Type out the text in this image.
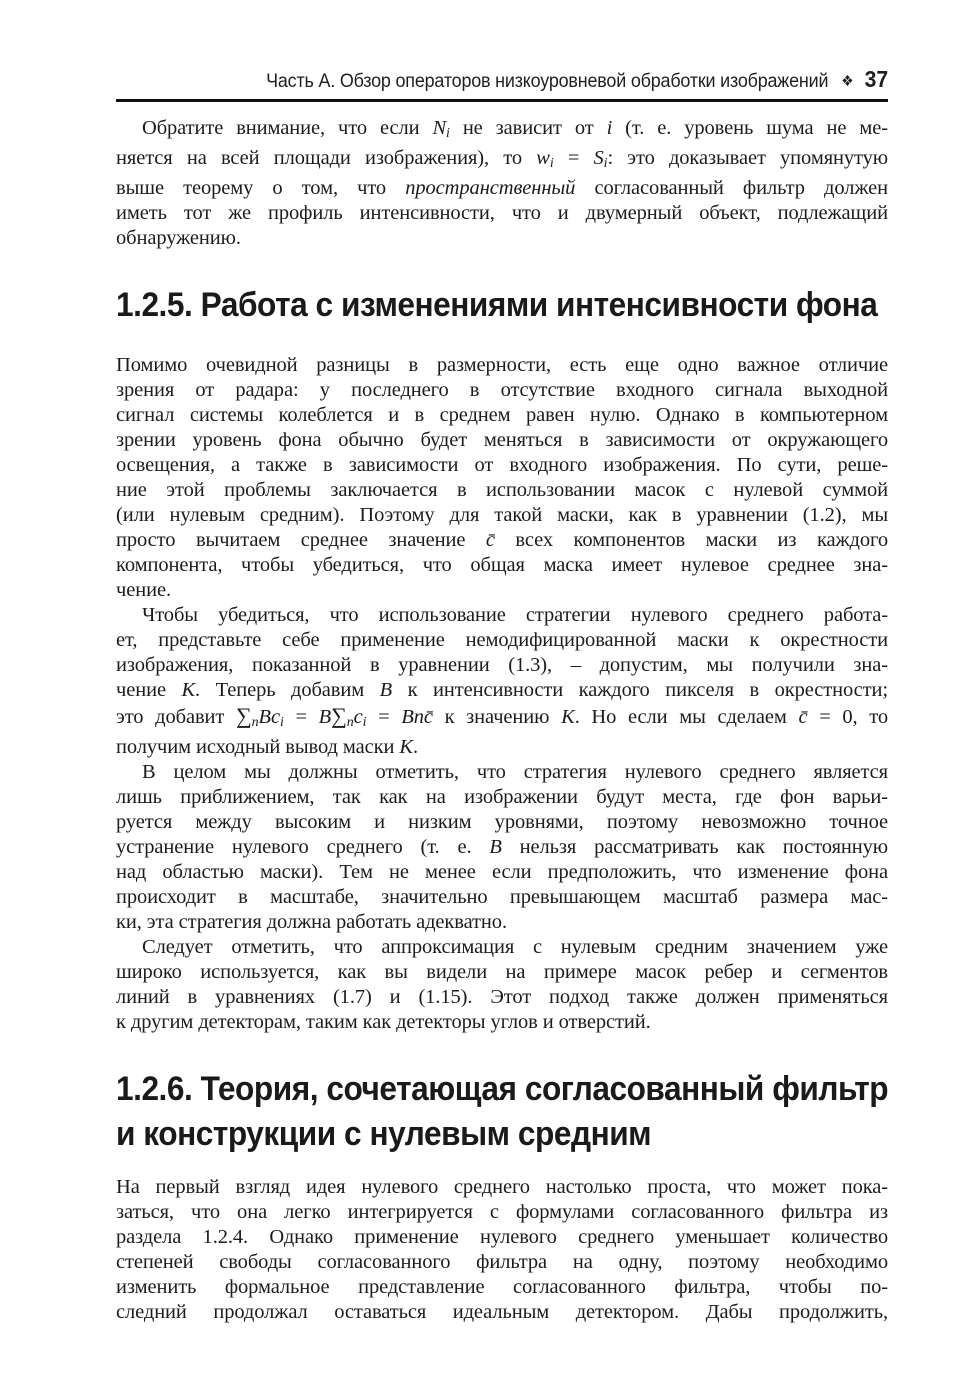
Часть А. Обзор операторов низкоуровневой обработки изображений ❖ 37
Обратите внимание, что если Ni не зависит от i (т. е. уровень шума не ме-
няется на всей площади изображения), то wi = Si: это доказывает упомянутую
выше теорему о том, что пространственный согласованный фильтр должен
иметь тот же профиль интенсивности, что и двумерный объект, подлежащий
обнаружению.
1.2.5. Работа с изменениями интенсивности фона
Помимо очевидной разницы в размерности, есть еще одно важное отличие
зрения от радара: у последнего в отсутствие входного сигнала выходной
сигнал системы колеблется и в среднем равен нулю. Однако в компьютерном
зрении уровень фона обычно будет меняться в зависимости от окружающего
освещения, а также в зависимости от входного изображения. По сути, реше-
ние этой проблемы заключается в использовании масок с нулевой суммой
(или нулевым средним). Поэтому для такой маски, как в уравнении (1.2), мы
просто вычитаем среднее значение c̄ всех компонентов маски из каждого
компонента, чтобы убедиться, что общая маска имеет нулевое среднее зна-
чение.
Чтобы убедиться, что использование стратегии нулевого среднего работа-
ет, представьте себе применение немодифицированной маски к окрестности
изображения, показанной в уравнении (1.3), – допустим, мы получили зна-
чение K. Теперь добавим B к интенсивности каждого пикселя в окрестности;
это добавит ∑nBci = B∑nci = Bnc̄ к значению K. Но если мы сделаем c̄ = 0, то
получим исходный вывод маски K.
В целом мы должны отметить, что стратегия нулевого среднего является
лишь приближением, так как на изображении будут места, где фон варьи-
руется между высоким и низким уровнями, поэтому невозможно точное
устранение нулевого среднего (т. е. B нельзя рассматривать как постоянную
над областью маски). Тем не менее если предположить, что изменение фона
происходит в масштабе, значительно превышающем масштаб размера мас-
ки, эта стратегия должна работать адекватно.
Следует отметить, что аппроксимация с нулевым средним значением уже
широко используется, как вы видели на примере масок ребер и сегментов
линий в уравнениях (1.7) и (1.15). Этот подход также должен применяться
к другим детекторам, таким как детекторы углов и отверстий.
1.2.6. Теория, сочетающая согласованный фильтр
и конструкции с нулевым средним
На первый взгляд идея нулевого среднего настолько проста, что может пока-
заться, что она легко интегрируется с формулами согласованного фильтра из
раздела 1.2.4. Однако применение нулевого среднего уменьшает количество
степеней свободы согласованного фильтра на одну, поэтому необходимо
изменить формальное представление согласованного фильтра, чтобы по-
следний продолжал оставаться идеальным детектором. Дабы продолжить,
